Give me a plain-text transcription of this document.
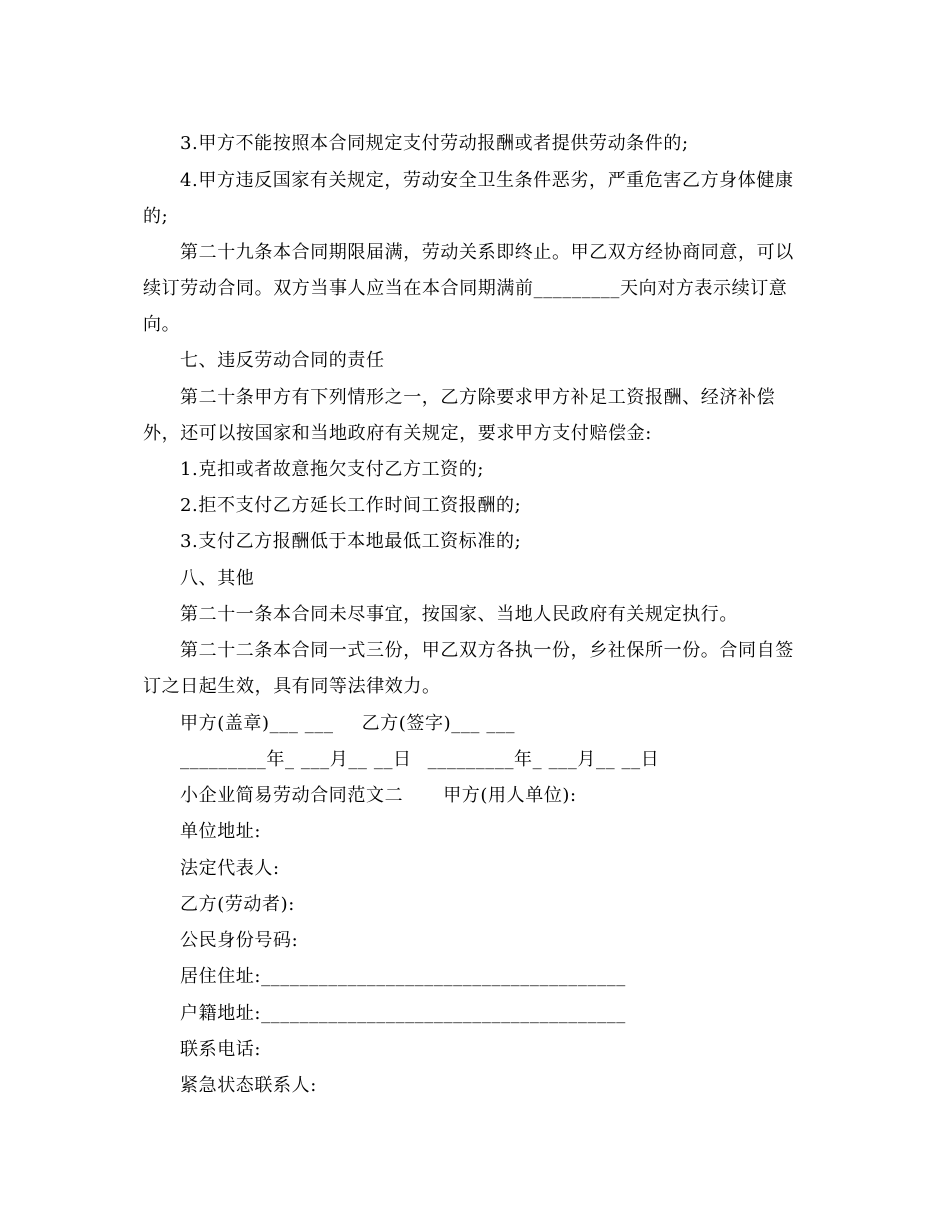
3.甲方不能按照本合同规定支付劳动报酬或者提供劳动条件的;
4.甲方违反国家有关规定，劳动安全卫生条件恶劣，严重危害乙方身体健康
的;
第二十九条本合同期限届满，劳动关系即终止。甲乙双方经协商同意，可以
续订劳动合同。双方当事人应当在本合同期满前_________天向对方表示续订意
向。
七、违反劳动合同的责任
第二十条甲方有下列情形之一，乙方除要求甲方补足工资报酬、经济补偿
外，还可以按国家和当地政府有关规定，要求甲方支付赔偿金:
1.克扣或者故意拖欠支付乙方工资的;
2.拒不支付乙方延长工作时间工资报酬的;
3.支付乙方报酬低于本地最低工资标准的;
八、其他
第二十一条本合同未尽事宜，按国家、当地人民政府有关规定执行。
第二十二条本合同一式三份，甲乙双方各执一份，乡社保所一份。合同自签
订之日起生效，具有同等法律效力。
甲方(盖章)___ ___ 乙方(签字)___ ___
_________年_ ___月__ __日 _________年_ ___月__ __日
小企业简易劳动合同范文二 甲方(用人单位):
单位地址:
法定代表人:
乙方(劳动者):
公民身份号码:
居住住址:______________________________________
户籍地址:______________________________________
联系电话:
紧急状态联系人:
